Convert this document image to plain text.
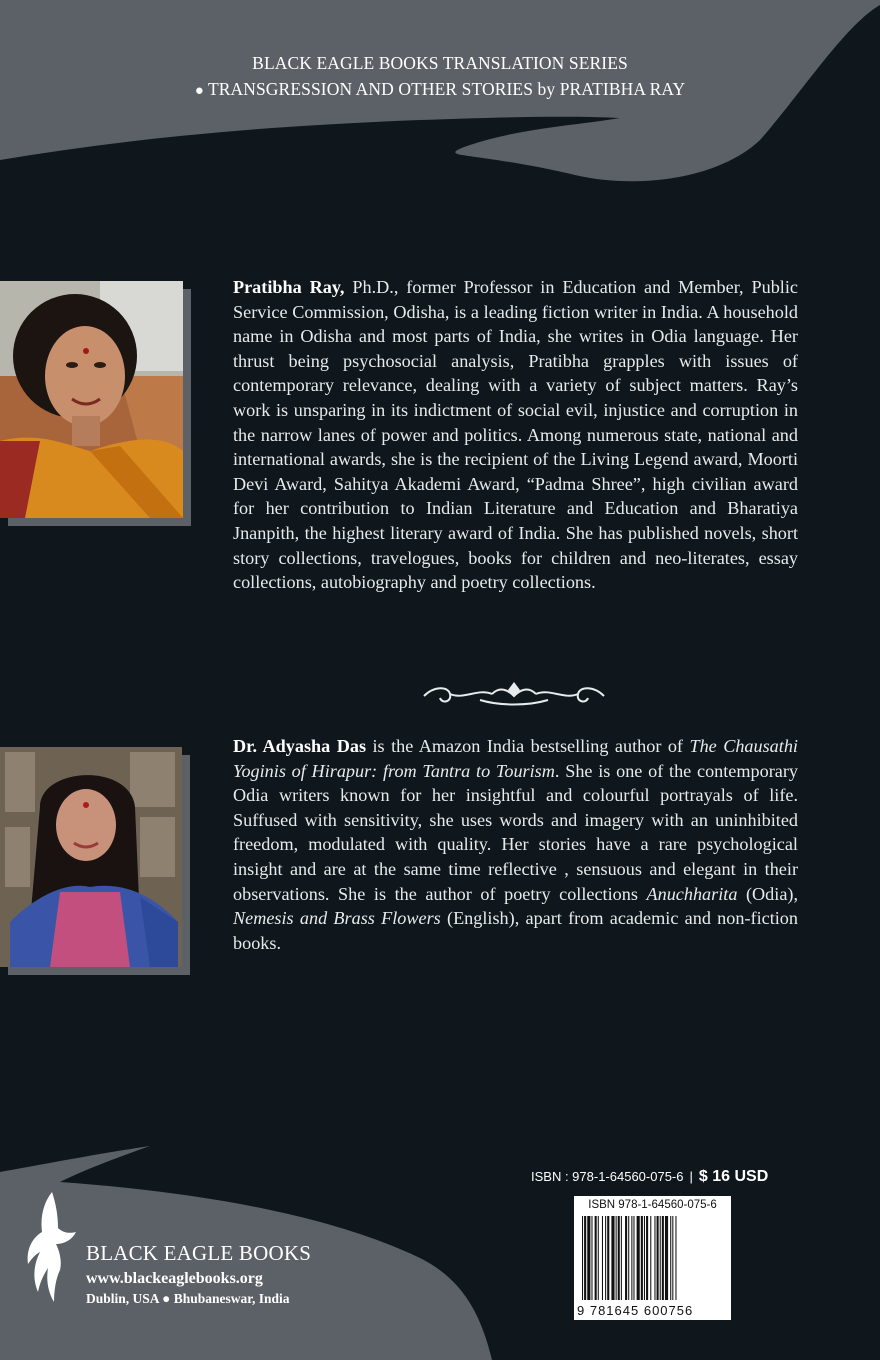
BLACK EAGLE BOOKS TRANSLATION SERIES
● TRANSGRESSION AND OTHER STORIES by PRATIBHA RAY
Pratibha Ray, Ph.D., former Professor in Education and Member, Public Service Commission, Odisha, is a leading fiction writer in India. A household name in Odisha and most parts of India, she writes in Odia language. Her thrust being psychosocial analysis, Pratibha grapples with issues of contemporary relevance, dealing with a variety of subject matters. Ray’s work is unsparing in its indictment of social evil, injustice and corruption in the narrow lanes of power and politics. Among numerous state, national and international awards, she is the recipient of the Living Legend award, Moorti Devi Award, Sahitya Akademi Award, “Padma Shree”, high civilian award for her contribution to Indian Literature and Education and Bharatiya Jnanpith, the highest literary award of India. She has published novels, short story collections, travelogues, books for children and neo-literates, essay collections, autobiography and poetry collections.
Dr. Adyasha Das is the Amazon India bestselling author of The Chausathi Yoginis of Hirapur: from Tantra to Tourism. She is one of the contemporary Odia writers known for her insightful and colourful portrayals of life. Suffused with sensitivity, she uses words and imagery with an uninhibited freedom, modulated with quality. Her stories have a rare psychological insight and are at the same time reflective , sensuous and elegant in their observations. She is the author of poetry collections Anuchharita (Odia), Nemesis and Brass Flowers (English), apart from academic and non-fiction books.
BLACK EAGLE BOOKS
www.blackeaglebooks.org
Dublin, USA ● Bhubaneswar, India
ISBN : 978-1-64560-075-6 | $ 16 USD
ISBN 978-1-64560-075-6
9 781645 600756
